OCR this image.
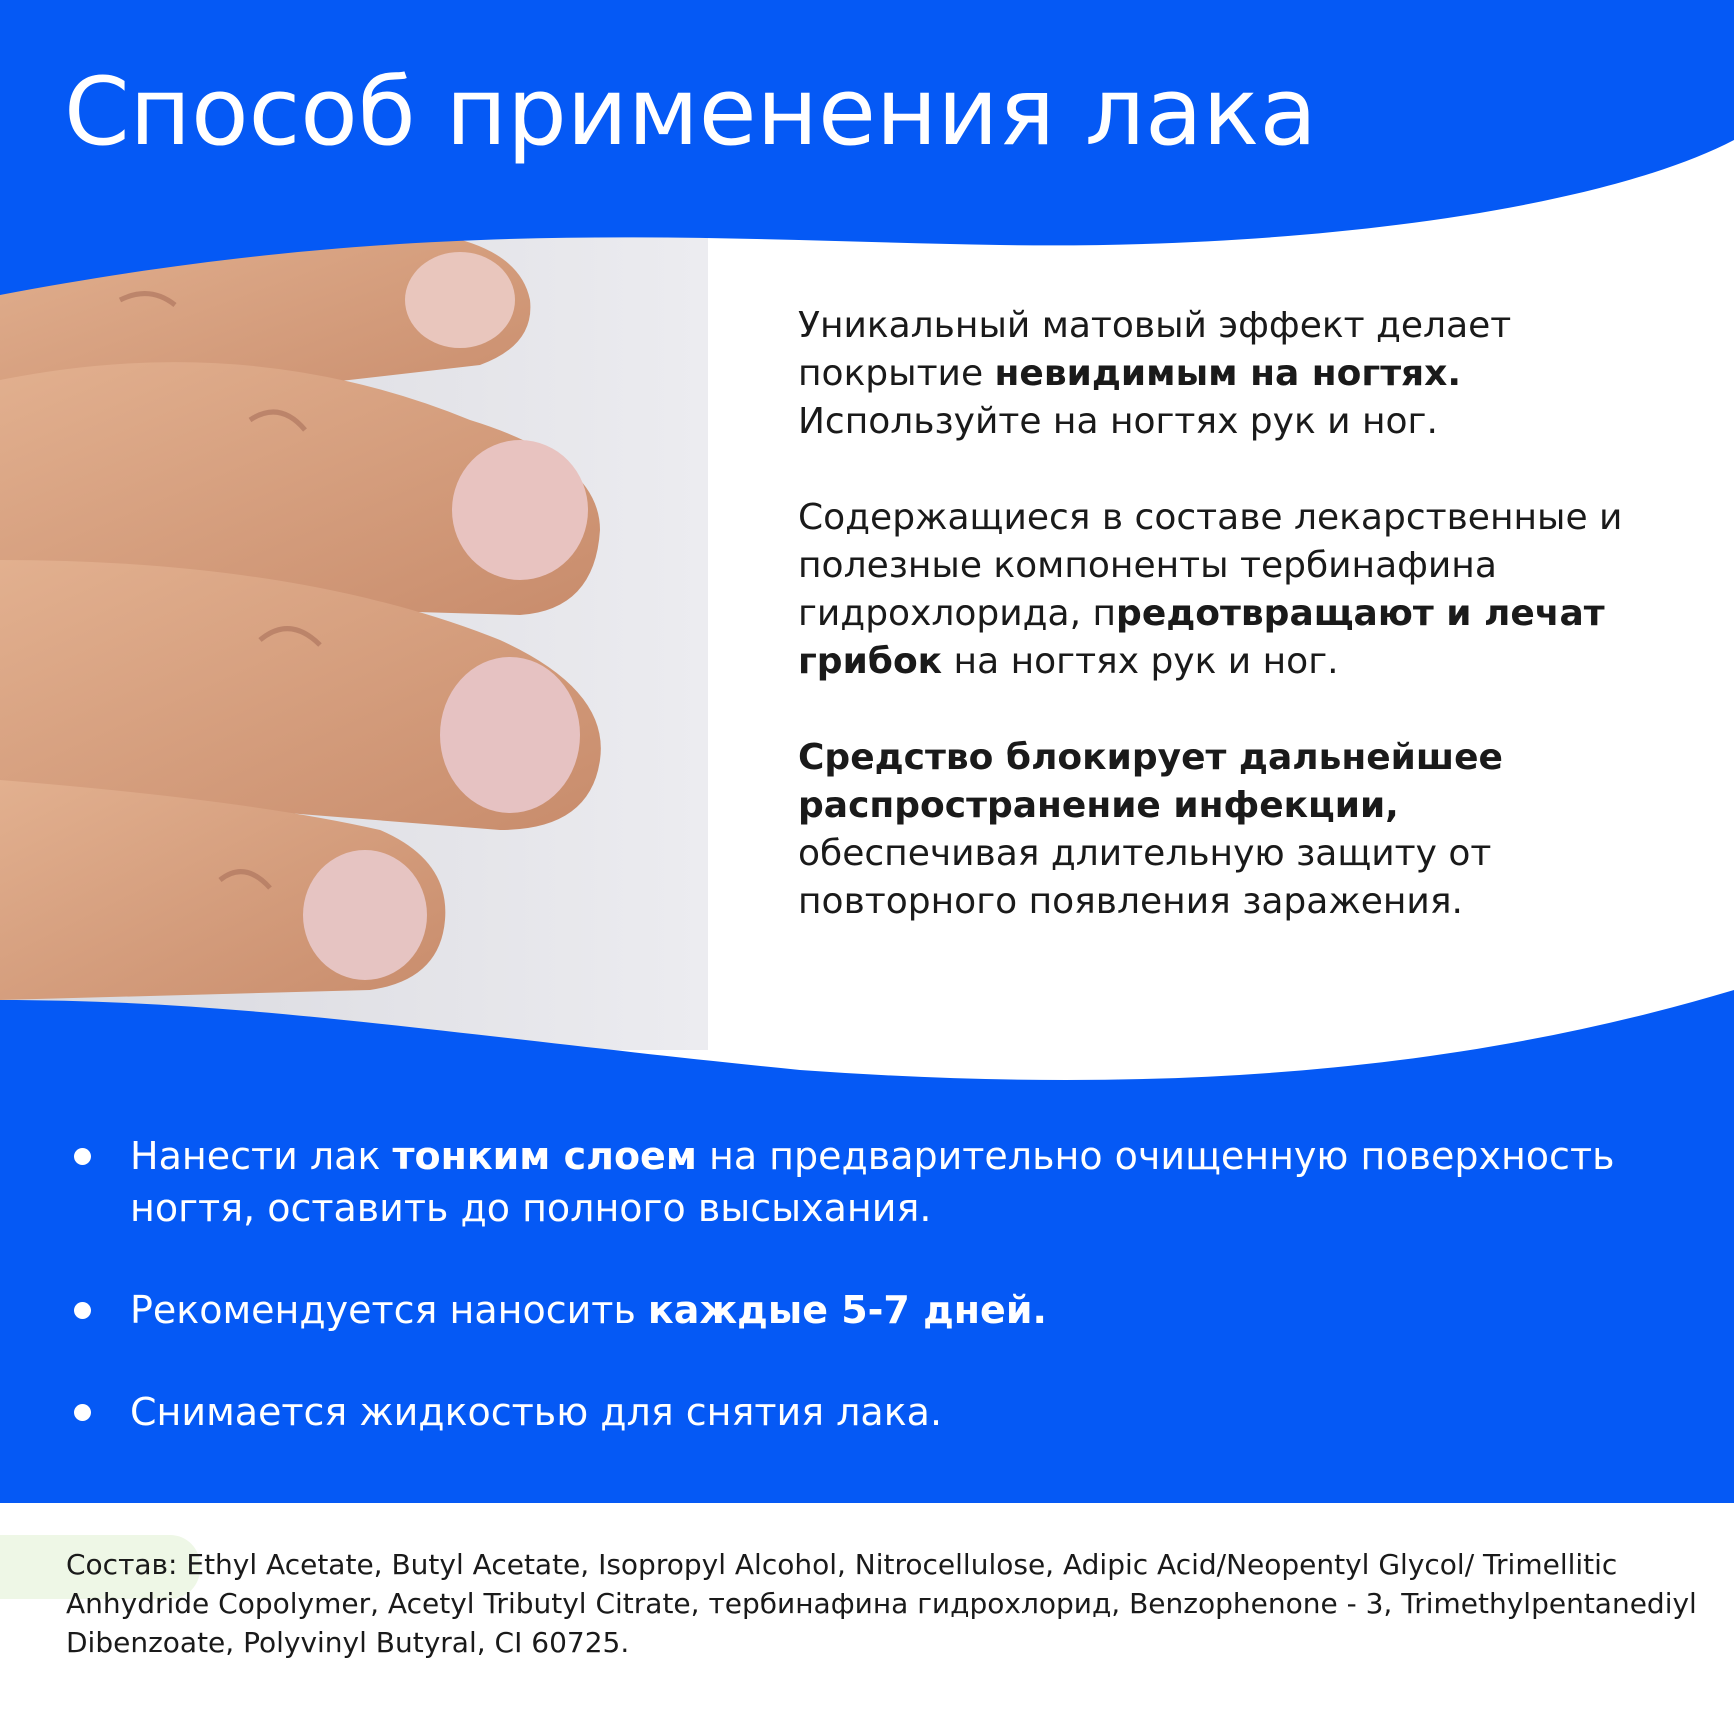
Способ применения лака

Уникальный матовый эффект делает покрытие невидимым на ногтях.
Используйте на ногтях рук и ног.

Содержащиеся в составе лекарственные и полезные компоненты тербинафина гидрохлорида, предотвращают и лечат грибок на ногтях рук и ног.

Средство блокирует дальнейшее распространение инфекции,
обеспечивая длительную защиту от повторного появления заражения.

Нанести лак тонким слоем на предварительно очищенную поверхность ногтя, оставить до полного высыхания.
Рекомендуется наносить каждые 5-7 дней.
Снимается жидкостью для снятия лака.
Состав: Ethyl Acetate, Butyl Acetate, Isopropyl Alcohol, Nitrocellulose, Adipic Acid/Neopentyl Glycol/ Trimellitic Anhydride Copolymer, Acetyl Tributyl Citrate, тербинафина гидрохлорид, Benzophenone - 3, Trimethylpentanediyl Dibenzoate, Polyvinyl Butyral, CI 60725.
